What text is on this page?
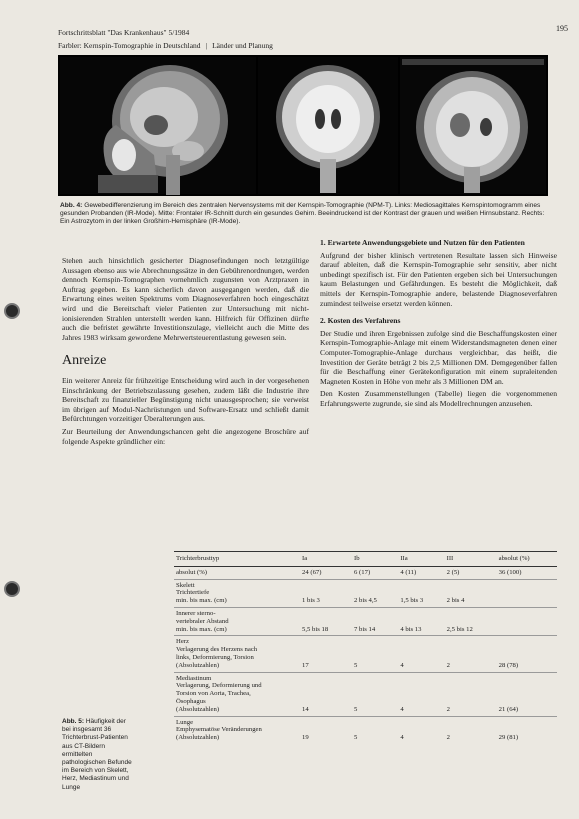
Fortschrittsblatt "Das Krankenhaus" 5/1984	195
Farbler: Kernspin-Tomographie in Deutschland | Länder und Planung
Abb. 4: Gewebedifferenzierung im Bereich des zentralen Nervensystems mit der Kernspin-Tomographie (NPM-T). Links: Mediosagittales Kernspintomogramm eines gesunden Probanden (IR-Mode). Mitte: Frontaler IR-Schnitt durch ein gesundes Gehirn. Beeindruckend ist der Kontrast der grauen und weißen Hirnsubstanz. Rechts: Ein Astrozytom in der linken Großhirn-Hemisphäre (IR-Mode).

Stehen auch hinsichtlich gesicherter Diagnosefindungen noch letztgültige Aussagen ebenso aus wie Abrechnungssätze in den Gebührenordnungen, werden dennoch Kernspin-Tomographen vornehmlich zugunsten von Arztpraxen in Auftrag gegeben. Es kann sicherlich davon ausgegangen werden, daß die Erwartung eines weiten Spektrums vom Diagnoseverfahren hoch eingeschätzt wird und die Bereitschaft vieler Patienten zur Untersuchung mit nicht-ionisierenden Strahlen unterstellt werden kann. Hilfreich für Offizinen dürfte auch die befristet gewährte Investitionszulage, vielleicht auch die Mitte des Jahres 1983 wirksam gewordene Mehrwertsteuerentlastung gewesen sein.

Anreize

Ein weiterer Anreiz für frühzeitige Entscheidung wird auch in der vorgesehenen Einschränkung der Betriebszulassung gesehen, zudem läßt die Industrie ihre Bereitschaft zu finanzieller Begünstigung nicht unausgesprochen; sie verweist im übrigen auf Modul-Nachrüstungen und Software-Ersatz und schließt damit Befürchtungen vorzeitiger Überalterungen aus.

Zur Beurteilung der Anwendungschancen geht die angezogene Broschüre auf folgende Aspekte gründlicher ein:

1. Erwartete Anwendungsgebiete und Nutzen für den Patienten

Aufgrund der bisher klinisch vertretenen Resultate lassen sich Hinweise darauf ableiten, daß die Kernspin-Tomographie sehr sensitiv, aber nicht unbedingt spezifisch ist. Für den Patienten ergeben sich bei Untersuchungen kaum Belastungen und Gefährdungen. Es besteht die Möglichkeit, daß mittels der Kernspin-Tomographie andere, belastende Diagnoseverfahren zumindest teilweise ersetzt werden können.

2. Kosten des Verfahrens

Der Studie und ihren Ergebnissen zufolge sind die Beschaffungskosten einer Kernspin-Tomographie-Anlage mit einem Widerstandsmagneten denen einer Computer-Tomographie-Anlage durchaus vergleichbar, das heißt, die Investition der Geräte beträgt 2 bis 2,5 Millionen DM. Demgegenüber fallen für die Beschaffung einer Gerätekonfiguration mit einem supraleitenden Magneten Kosten in Höhe von mehr als 3 Millionen DM an.

Den Kosten Zusammenstellungen (Tabelle) liegen die vorgenommenen Erfahrungswerte zugrunde, sie sind als Modellrechnungen anzusehen.

Abb. 5: Häufigkeit der bei insgesamt 36 Trichterbrust-Patienten aus CT-Bildern ermittelten pathologischen Befunde im Bereich von Skelett, Herz, Mediastinum und Lunge
Trichterbrusttyp	Ia	Ib	IIa	III	absolut (%)

absolut (%)	24 (67)	6 (17)	4 (11)	2 (5)	36 (100)

Skelett
Trichtertiefe
min. bis max. (cm)	1 bis 3	2 bis 4,5	1,5 bis 3	2 bis 4	

Innerer sterno-
vertebraler Abstand
min. bis max. (cm)	5,5 bis 18	7 bis 14	4 bis 13	2,5 bis 12	

Herz
Verlagerung des Herzens nach
links, Deformierung, Torsion
(Absolutzahlen)	17	5	4	2	28 (78)

Mediastinum
Verlagerung, Deformierung und
Torsion von Aorta, Trachea,
Ösophagus
(Absolutzahlen)	14	5	4	2	21 (64)

Lunge
Emphysematöse Veränderungen
(Absolutzahlen)	19	5	4	2	29 (81)
